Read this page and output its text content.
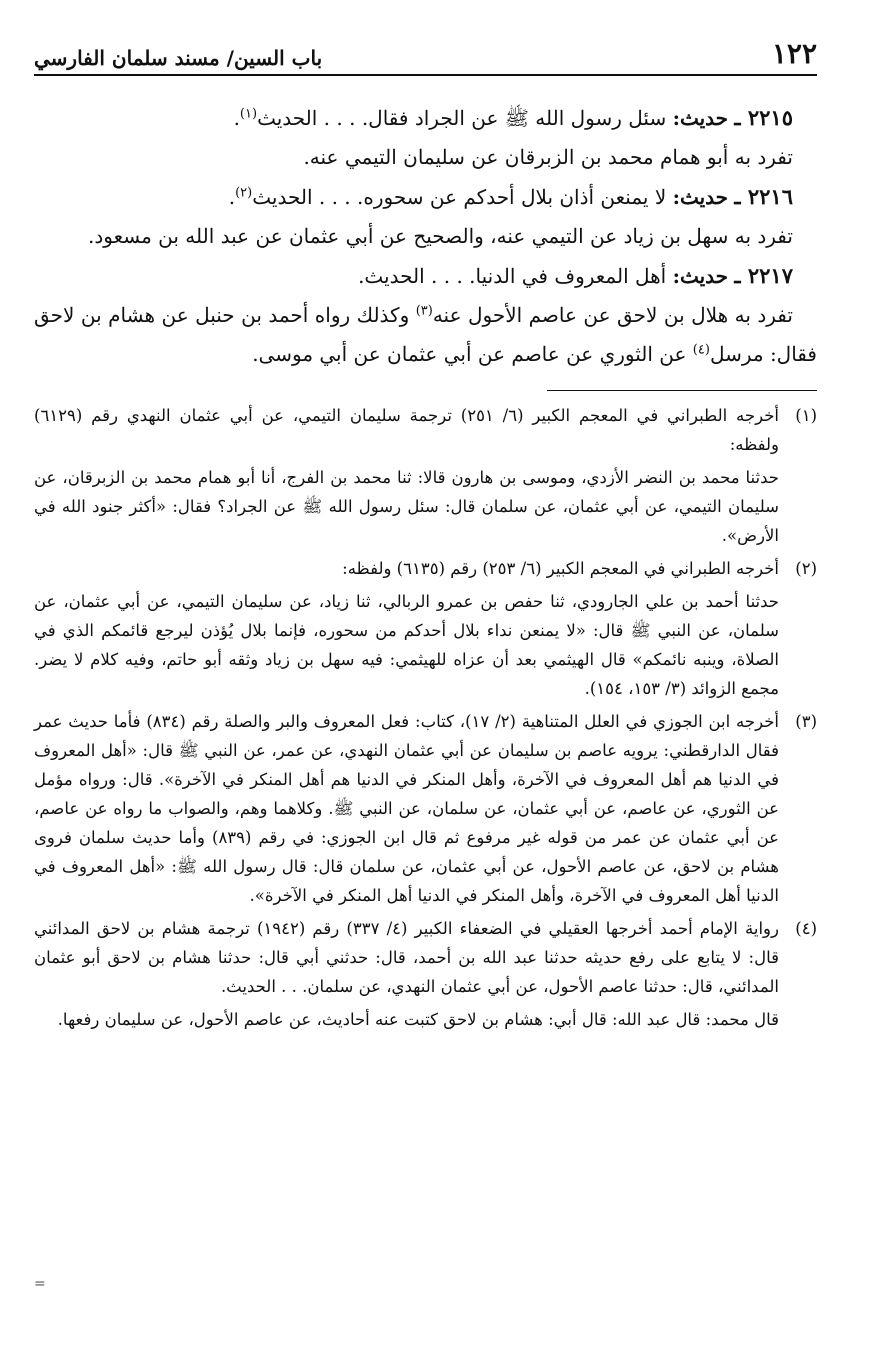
١٢٢
باب السين/ مسند سلمان الفارسي

٢٢١٥ ـ حديث: سئل رسول الله ﷺ عن الجراد فقال. . . . الحديث$^{(١)}$.

تفرد به أبو همام محمد بن الزبرقان عن سليمان التيمي عنه.

٢٢١٦ ـ حديث: لا يمنعن أذان بلال أحدكم عن سحوره. . . . الحديث$^{(٢)}$.

تفرد به سهل بن زياد عن التيمي عنه، والصحيح عن أبي عثمان عن عبد الله بن مسعود.

٢٢١٧ ـ حديث: أهل المعروف في الدنيا. . . . الحديث.

تفرد به هلال بن لاحق عن عاصم الأحول عنه$^{(٣)}$ وكذلك رواه أحمد بن حنبل عن هشام بن لاحق فقال: مرسل$^{(٤)}$ عن الثوري عن عاصم عن أبي عثمان عن أبي موسى.

(١)

أخرجه الطبراني في المعجم الكبير (٦/ ٢٥١) ترجمة سليمان التيمي، عن أبي عثمان النهدي رقم (٦١٢٩) ولفظه:

حدثنا محمد بن النضر الأزدي، وموسى بن هارون قالا: ثنا محمد بن الفرج، أنا أبو همام محمد بن الزبرقان، عن سليمان التيمي، عن أبي عثمان، عن سلمان قال: سئل رسول الله ﷺ عن الجراد؟ فقال: «أكثر جنود الله في الأرض».

(٢)

أخرجه الطبراني في المعجم الكبير (٦/ ٢٥٣) رقم (٦١٣٥) ولفظه:

حدثنا أحمد بن علي الجارودي، ثنا حفص بن عمرو الربالي، ثنا زياد، عن سليمان التيمي، عن أبي عثمان، عن سلمان، عن النبي ﷺ قال: «لا يمنعن نداء بلال أحدكم من سحوره، فإنما بلال يُؤذن ليرجع قائمكم الذي في الصلاة، وينبه نائمكم» قال الهيثمي بعد أن عزاه للهيثمي: فيه سهل بن زياد وثقه أبو حاتم، وفيه كلام لا يضر. مجمع الزوائد (٣/ ١٥٣، ١٥٤).

(٣)

أخرجه ابن الجوزي في العلل المتناهية (٢/ ١٧)، كتاب: فعل المعروف والبر والصلة رقم (٨٣٤) فأما حديث عمر فقال الدارقطني: يرويه عاصم بن سليمان عن أبي عثمان النهدي، عن عمر، عن النبي ﷺ قال: «أهل المعروف في الدنيا هم أهل المعروف في الآخرة، وأهل المنكر في الدنيا هم أهل المنكر في الآخرة». قال: ورواه مؤمل عن الثوري، عن عاصم، عن أبي عثمان، عن سلمان، عن النبي ﷺ. وكلاهما وهم، والصواب ما رواه عن عاصم، عن أبي عثمان عن عمر من قوله غير مرفوع ثم قال ابن الجوزي: في رقم (٨٣٩) وأما حديث سلمان فروى هشام بن لاحق، عن عاصم الأحول، عن أبي عثمان، عن سلمان قال: قال رسول الله ﷺ: «أهل المعروف في الدنيا أهل المعروف في الآخرة، وأهل المنكر في الدنيا أهل المنكر في الآخرة».

(٤)

رواية الإمام أحمد أخرجها العقيلي في الضعفاء الكبير (٤/ ٣٣٧) رقم (١٩٤٢) ترجمة هشام بن لاحق المدائني قال: لا يتابع على رفع حديثه حدثنا عبد الله بن أحمد، قال: حدثني أبي قال: حدثنا هشام بن لاحق أبو عثمان المدائني، قال: حدثنا عاصم الأحول، عن أبي عثمان النهدي، عن سلمان. . . الحديث.

قال محمد: قال عبد الله: قال أبي: هشام بن لاحق كتبت عنه أحاديث، عن عاصم الأحول، عن سليمان رفعها.

=
